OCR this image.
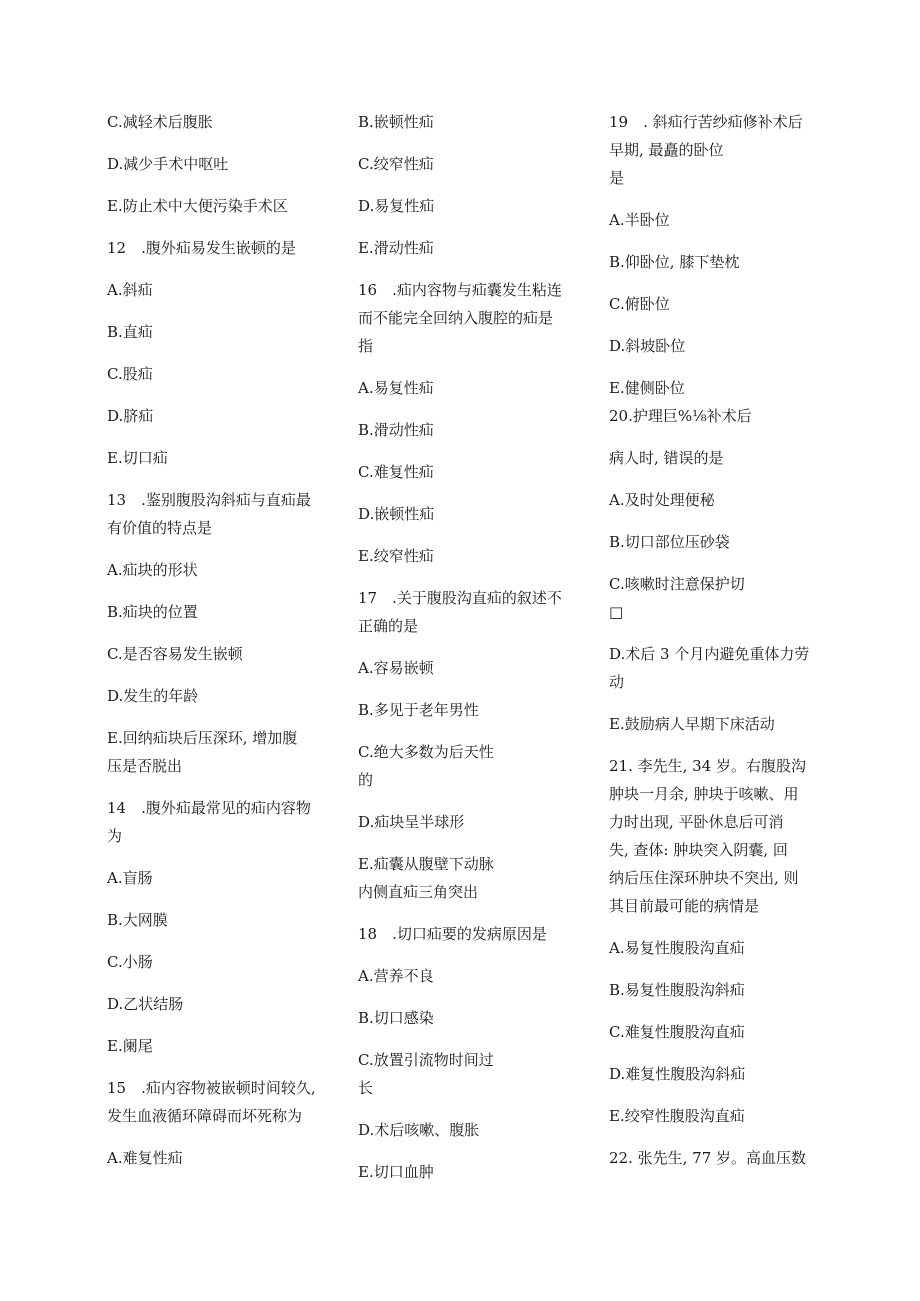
C.减轻术后腹胀

D.减少手术中呕吐

E.防止术中大便污染手术区

12　.腹外疝易发生嵌顿的是

A.斜疝

B.直疝

C.股疝

D.脐疝

E.切口疝

13　.鉴别腹股沟斜疝与直疝最
有价值的特点是

A.疝块的形状

B.疝块的位置

C.是否容易发生嵌顿

D.发生的年龄

E.回纳疝块后压深环, 增加腹
压是否脱出

14　.腹外疝最常见的疝内容物
为

A.盲肠

B.大网膜

C.小肠

D.乙状结肠

E.阑尾

15　.疝内容物被嵌顿时间较久,
发生血液循环障碍而坏死称为

A.难复性疝

B.嵌顿性疝

C.绞窄性疝

D.易复性疝

E.滑动性疝

16　.疝内容物与疝囊发生粘连
而不能完全回纳入腹腔的疝是
指

A.易复性疝

B.滑动性疝

C.难复性疝

D.嵌顿性疝

E.绞窄性疝

17　.关于腹股沟直疝的叙述不
正确的是

A.容易嵌顿

B.多见于老年男性

C.绝大多数为后天性
的

D.疝块呈半球形

E.疝囊从腹壁下动脉
内侧直疝三角突出

18　.切口疝要的发病原因是

A.营养不良

B.切口感染

C.放置引流物时间过
长

D.术后咳嗽、腹胀

E.切口血肿

19　. 斜疝行苦纱疝修补术后
早期, 最矗的卧位
是

A.半卧位

B.仰卧位, 膝下垫枕

C.俯卧位

D.斜坡卧位

E.健侧卧位
20.护理巨%⅛补术后

病人时, 错误的是

A.及时处理便秘

B.切口部位压砂袋

C.咳嗽时注意保护切
□

D.术后 3 个月内避免重体力劳
动

E.鼓励病人早期下床活动

21. 李先生, 34 岁。右腹股沟
肿块一月余, 肿块于咳嗽、用
力时出现, 平卧休息后可消
失, 查体: 肿块突入阴囊, 回
纳后压住深环肿块不突出, 则
其目前最可能的病情是

A.易复性腹股沟直疝

B.易复性腹股沟斜疝

C.难复性腹股沟直疝

D.难复性腹股沟斜疝

E.绞窄性腹股沟直疝

22. 张先生, 77 岁。高血压数
